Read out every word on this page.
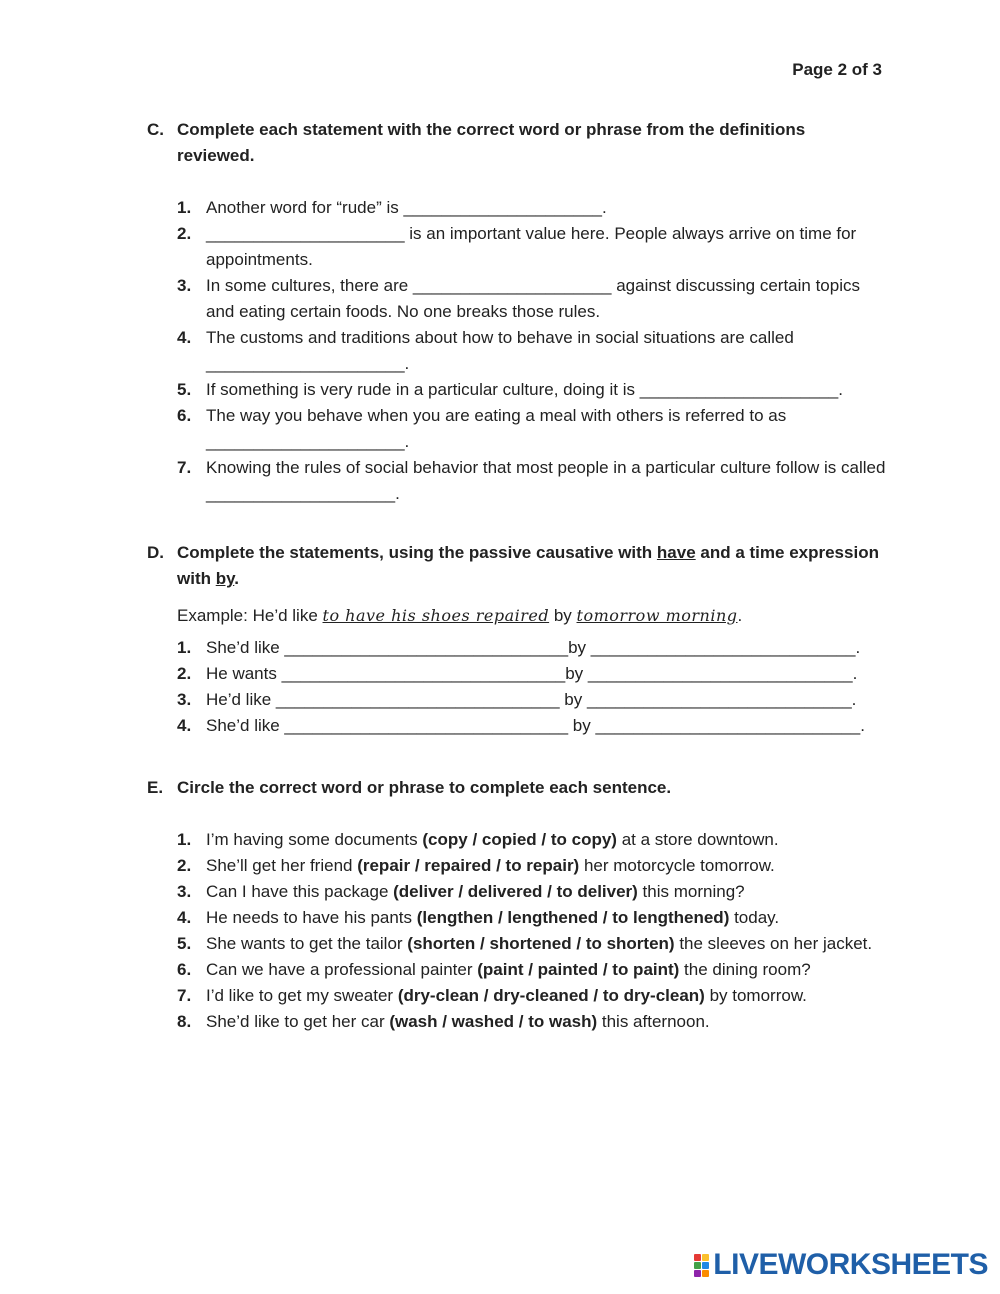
Page 2 of 3
C. Complete each statement with the correct word or phrase from the definitions reviewed.
1. Another word for “rude” is _____________________.
2. _____________________ is an important value here. People always arrive on time for appointments.
3. In some cultures, there are _____________________ against discussing certain topics and eating certain foods. No one breaks those rules.
4. The customs and traditions about how to behave in social situations are called _____________________.
5. If something is very rude in a particular culture, doing it is _____________________.
6. The way you behave when you are eating a meal with others is referred to as _____________________.
7. Knowing the rules of social behavior that most people in a particular culture follow is called ____________________.
D. Complete the statements, using the passive causative with have and a time expression with by.
Example: He’d like to have his shoes repaired by tomorrow morning.
1. She’d like ______________________________by ____________________________.
2. He wants ______________________________by ____________________________.
3. He’d like ______________________________ by ____________________________.
4. She’d like ______________________________ by ____________________________.
E. Circle the correct word or phrase to complete each sentence.
1. I’m having some documents (copy / copied / to copy) at a store downtown.
2. She’ll get her friend (repair / repaired / to repair) her motorcycle tomorrow.
3. Can I have this package (deliver / delivered / to deliver) this morning?
4. He needs to have his pants (lengthen / lengthened / to lengthened) today.
5. She wants to get the tailor (shorten / shortened / to shorten) the sleeves on her jacket.
6. Can we have a professional painter (paint / painted / to paint) the dining room?
7. I’d like to get my sweater (dry-clean / dry-cleaned / to dry-clean) by tomorrow.
8. She’d like to get her car (wash / washed / to wash) this afternoon.
LIVEWORKSHEETS
